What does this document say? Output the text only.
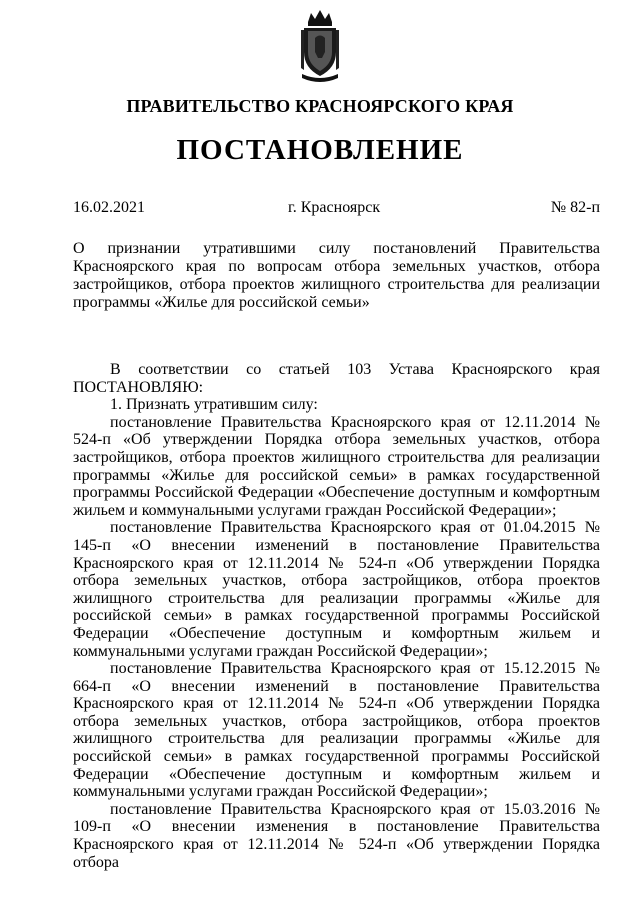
ПРАВИТЕЛЬСТВО КРАСНОЯРСКОГО КРАЯ
ПОСТАНОВЛЕНИЕ
16.02.2021	г. Красноярск	№ 82-п
О признании утратившими силу постановлений Правительства Красноярского края по вопросам отбора земельных участков, отбора застройщиков, отбора проектов жилищного строительства для реализации программы «Жилье для российской семьи»

В соответствии со статьей 103 Устава Красноярского края

ПОСТАНОВЛЯЮ:

1. Признать утратившим силу:

постановление Правительства Красноярского края от 12.11.2014 № 524-п «Об утверждении Порядка отбора земельных участков, отбора застройщиков, отбора проектов жилищного строительства для реализации программы «Жилье для российской семьи» в рамках государственной программы Российской Федерации «Обеспечение доступным и комфортным жильем и коммунальными услугами граждан Российской Федерации»;

постановление Правительства Красноярского края от 01.04.2015 № 145-п «О внесении изменений в постановление Правительства Красноярского края от 12.11.2014 № 524-п «Об утверждении Порядка отбора земельных участков, отбора застройщиков, отбора проектов жилищного строительства для реализации программы «Жилье для российской семьи» в рамках государственной программы Российской Федерации «Обеспечение доступным и комфортным жильем и коммунальными услугами граждан Российской Федерации»;

постановление Правительства Красноярского края от 15.12.2015 № 664-п «О внесении изменений в постановление Правительства Красноярского края от 12.11.2014 № 524-п «Об утверждении Порядка отбора земельных участков, отбора застройщиков, отбора проектов жилищного строительства для реализации программы «Жилье для российской семьи» в рамках государственной программы Российской Федерации «Обеспечение доступным и комфортным жильем и коммунальными услугами граждан Российской Федерации»;

постановление Правительства Красноярского края от 15.03.2016 № 109-п «О внесении изменения в постановление Правительства Красноярского края от 12.11.2014 № 524-п «Об утверждении Порядка отбора
